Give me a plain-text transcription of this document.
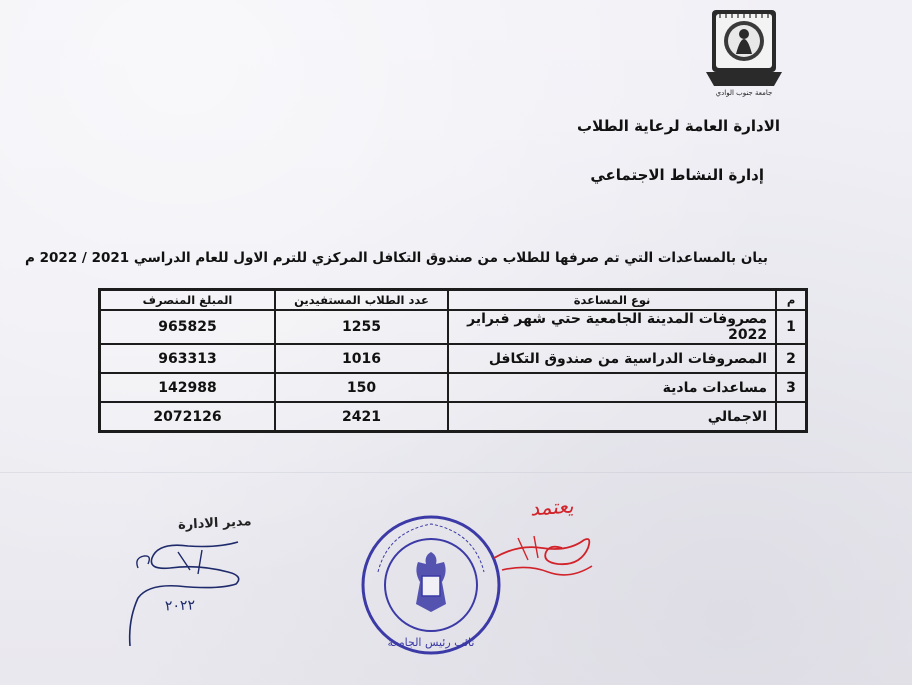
جامعة جنوب الوادي
الادارة العامة لرعاية الطلاب
إدارة النشاط الاجتماعي
بيان بالمساعدات التي تم صرفها للطلاب من صندوق التكافل المركزي للترم الاول للعام الدراسي 2021 / 2022 م
م	نوع المساعدة	عدد الطلاب المستفيدين	المبلغ المنصرف
1	مصروفات المدينة الجامعية حتي شهر فبراير 2022	1255	965825
2	المصروفات الدراسية من صندوق التكافل	1016	963313
3	مساعدات مادية	150	142988
	الاجمالي	2421	2072126
مدير الادارة
٢٠٢٢
نائب رئيس الجامعة
يعتمد
